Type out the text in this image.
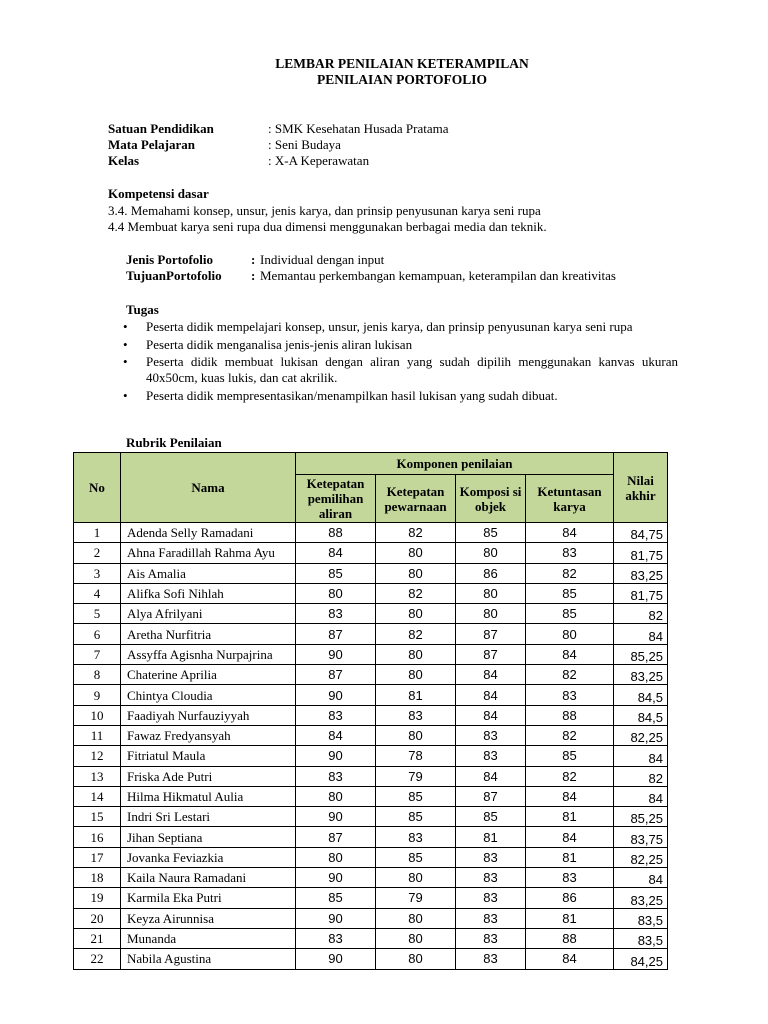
LEMBAR PENILAIAN KETERAMPILAN
PENILAIAN PORTOFOLIO
Satuan Pendidikan	: SMK Kesehatan Husada Pratama
Mata Pelajaran	: Seni Budaya
Kelas	: X-A Keperawatan
Kompetensi dasar
3.4. Memahami konsep, unsur, jenis karya, dan prinsip penyusunan karya seni rupa
4.4 Membuat karya seni rupa dua dimensi menggunakan berbagai media dan teknik.
Jenis Portofolio	: Individual dengan input
TujuanPortofolio : Memantau perkembangan kemampuan, keterampilan dan kreativitas
Tugas
• Peserta didik mempelajari konsep, unsur, jenis karya, dan prinsip penyusunan karya seni rupa
• Peserta didik menganalisa jenis-jenis aliran lukisan
• Peserta didik membuat lukisan dengan aliran yang sudah dipilih menggunakan kanvas ukuran 40x50cm, kuas lukis, dan cat akrilik.
• Peserta didik mempresentasikan/menampilkan hasil lukisan yang sudah dibuat.
Rubrik Penilaian
No	Nama	Komponen penilaian				Nilai akhir
		Ketepatan pemilihan aliran	Ketepatan pewarnaan	Komposi si objek	Ketuntasan karya	
1	Adenda Selly Ramadani	88	82	85	84	84,75
2	Ahna Faradillah Rahma Ayu	84	80	80	83	81,75
3	Ais Amalia	85	80	86	82	83,25
4	Alifka Sofi Nihlah	80	82	80	85	81,75
5	Alya Afrilyani	83	80	80	85	82
6	Aretha Nurfitria	87	82	87	80	84
7	Assyffa Agisnha Nurpajrina	90	80	87	84	85,25
8	Chaterine Aprilia	87	80	84	82	83,25
9	Chintya Cloudia	90	81	84	83	84,5
10	Faadiyah Nurfauziyyah	83	83	84	88	84,5
11	Fawaz Fredyansyah	84	80	83	82	82,25
12	Fitriatul Maula	90	78	83	85	84
13	Friska Ade Putri	83	79	84	82	82
14	Hilma Hikmatul Aulia	80	85	87	84	84
15	Indri Sri Lestari	90	85	85	81	85,25
16	Jihan Septiana	87	83	81	84	83,75
17	Jovanka Feviazkia	80	85	83	81	82,25
18	Kaila Naura Ramadani	90	80	83	83	84
19	Karmila Eka Putri	85	79	83	86	83,25
20	Keyza Airunnisa	90	80	83	81	83,5
21	Munanda	83	80	83	88	83,5
22	Nabila Agustina	90	80	83	84	84,25
